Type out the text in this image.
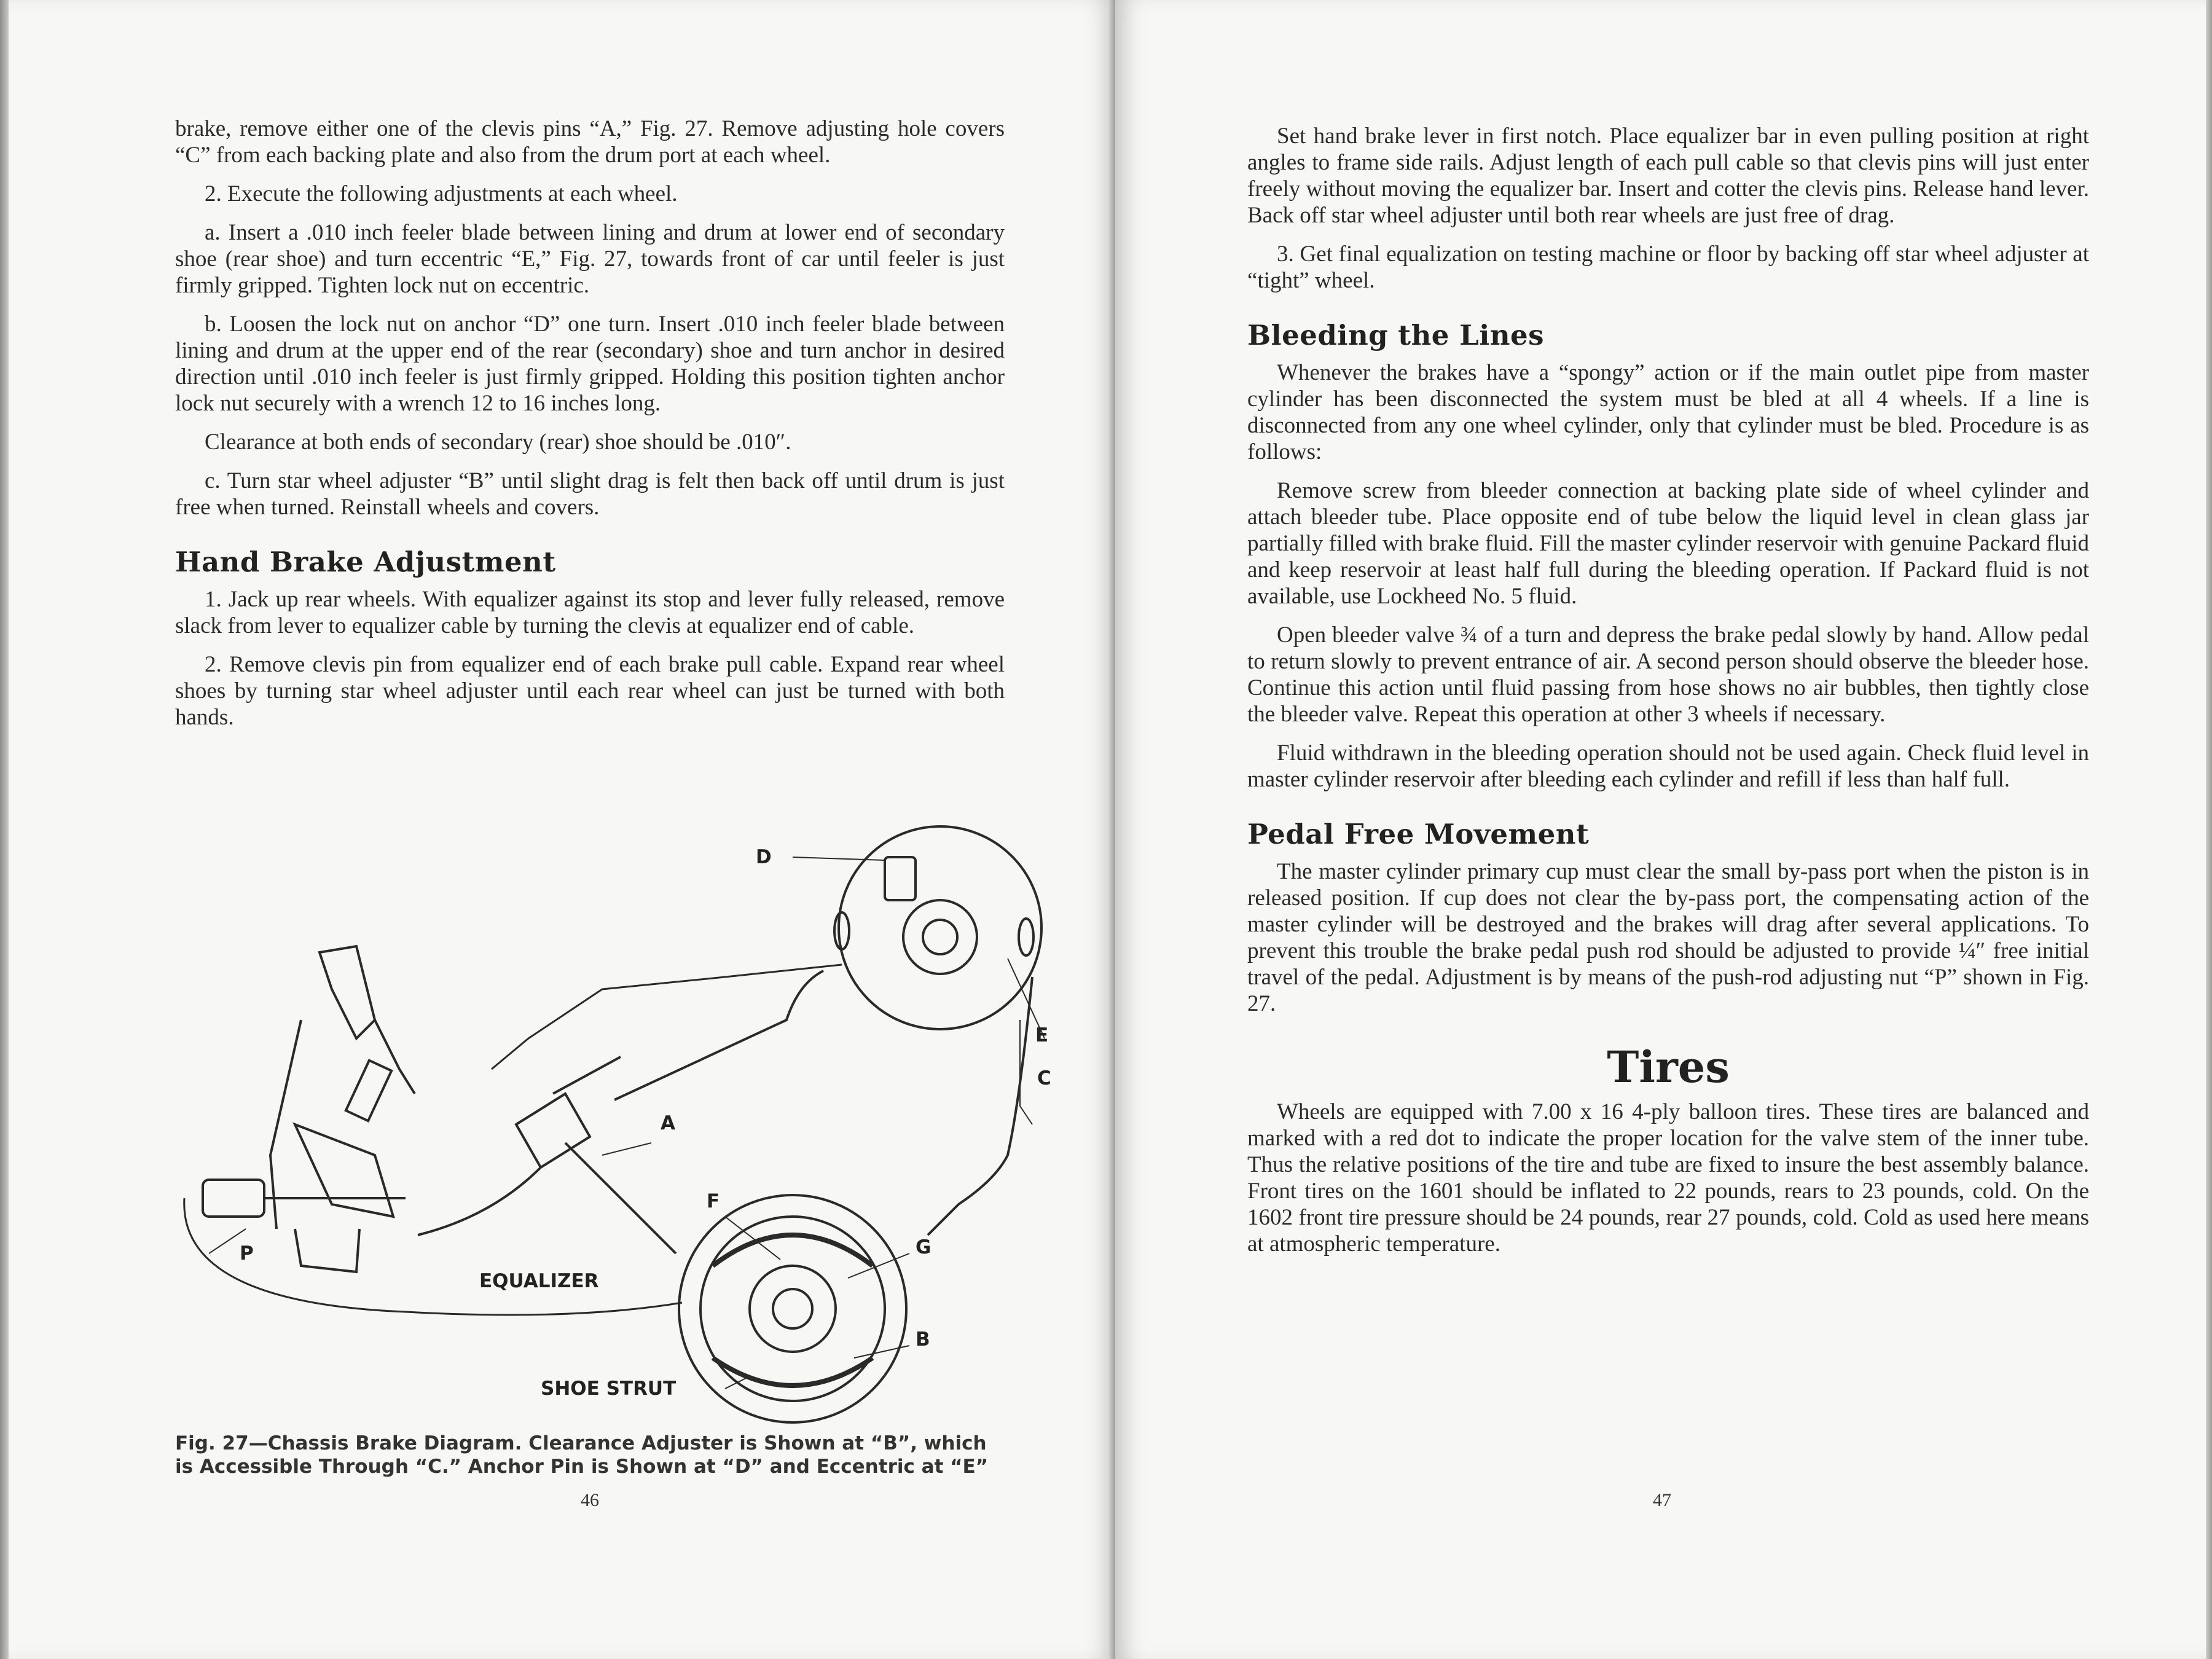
brake, remove either one of the clevis pins “A,” Fig. 27. Remove adjusting hole covers “C” from each backing plate and also from the drum port at each wheel.

2. Execute the following adjustments at each wheel.

a. Insert a .010 inch feeler blade between lining and drum at lower end of secondary shoe (rear shoe) and turn eccentric “E,” Fig. 27, towards front of car until feeler is just firmly gripped. Tighten lock nut on eccentric.

b. Loosen the lock nut on anchor “D” one turn. Insert .010 inch feeler blade between lining and drum at the upper end of the rear (secondary) shoe and turn anchor in desired direction until .010 inch feeler is just firmly gripped. Holding this position tighten anchor lock nut securely with a wrench 12 to 16 inches long.

Clearance at both ends of secondary (rear) shoe should be .010″.

c. Turn star wheel adjuster “B” until slight drag is felt then back off until drum is just free when turned. Reinstall wheels and covers.

Hand Brake Adjustment

1. Jack up rear wheels. With equalizer against its stop and lever fully released, remove slack from lever to equalizer cable by turning the clevis at equalizer end of cable.

2. Remove clevis pin from equalizer end of each brake pull cable. Expand rear wheel shoes by turning star wheel adjuster until each rear wheel can just be turned with both hands.

D
E
C
A
F
G
B
P
EQUALIZER
SHOE STRUT
Fig. 27—Chassis Brake Diagram. Clearance Adjuster is Shown at “B”, which is Accessible Through “C.” Anchor Pin is Shown at “D” and Eccentric at “E”
46

Set hand brake lever in first notch. Place equalizer bar in even pulling position at right angles to frame side rails. Adjust length of each pull cable so that clevis pins will just enter freely without moving the equalizer bar. Insert and cotter the clevis pins. Release hand lever. Back off star wheel adjuster until both rear wheels are just free of drag.

3. Get final equalization on testing machine or floor by backing off star wheel adjuster at “tight” wheel.

Bleeding the Lines

Whenever the brakes have a “spongy” action or if the main outlet pipe from master cylinder has been disconnected the system must be bled at all 4 wheels. If a line is disconnected from any one wheel cylinder, only that cylinder must be bled. Procedure is as follows:

Remove screw from bleeder connection at backing plate side of wheel cylinder and attach bleeder tube. Place opposite end of tube below the liquid level in clean glass jar partially filled with brake fluid. Fill the master cylinder reservoir with genuine Packard fluid and keep reservoir at least half full during the bleeding operation. If Packard fluid is not available, use Lockheed No. 5 fluid.

Open bleeder valve ¾ of a turn and depress the brake pedal slowly by hand. Allow pedal to return slowly to prevent entrance of air. A second person should observe the bleeder hose. Continue this action until fluid passing from hose shows no air bubbles, then tightly close the bleeder valve. Repeat this operation at other 3 wheels if necessary.

Fluid withdrawn in the bleeding operation should not be used again. Check fluid level in master cylinder reservoir after bleeding each cylinder and refill if less than half full.

Pedal Free Movement

The master cylinder primary cup must clear the small by-pass port when the piston is in released position. If cup does not clear the by-pass port, the compensating action of the master cylinder will be destroyed and the brakes will drag after several applications. To prevent this trouble the brake pedal push rod should be adjusted to provide ¼″ free initial travel of the pedal. Adjustment is by means of the push-rod adjusting nut “P” shown in Fig. 27.

Tires

Wheels are equipped with 7.00 x 16 4-ply balloon tires. These tires are balanced and marked with a red dot to indicate the proper location for the valve stem of the inner tube. Thus the relative positions of the tire and tube are fixed to insure the best assembly balance. Front tires on the 1601 should be inflated to 22 pounds, rears to 23 pounds, cold. On the 1602 front tire pressure should be 24 pounds, rear 27 pounds, cold. Cold as used here means at atmospheric temperature.

47
